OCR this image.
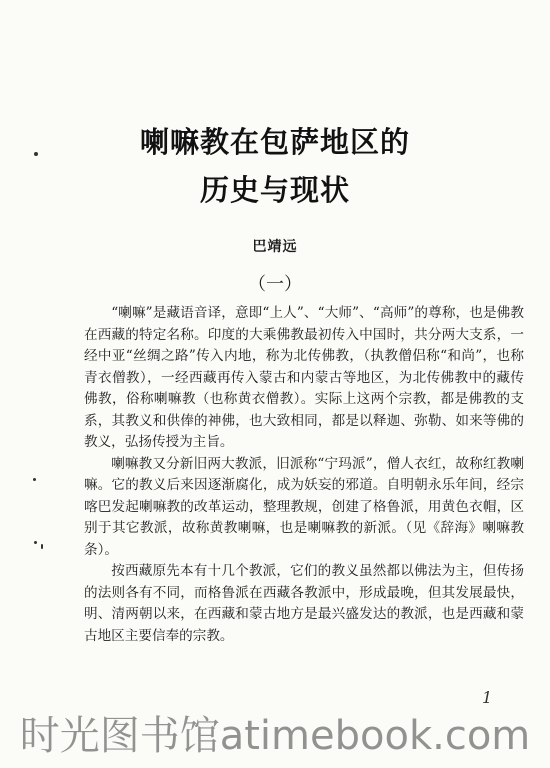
喇嘛教在包萨地区的
历史与现状
巴靖远
（一）

“喇嘛”是藏语音译，意即“上人”、“大师”、“高师”的尊称，也是佛教在西藏的特定名称。印度的大乘佛教最初传入中国时，共分两大支系，一经中亚“丝绸之路”传入内地，称为北传佛教，（执教僧侣称“和尚”，也称青衣僧教），一经西藏再传入蒙古和内蒙古等地区，为北传佛教中的藏传佛教，俗称喇嘛教（也称黄衣僧教）。实际上这两个宗教，都是佛教的支系，其教义和供俸的神佛，也大致相同，都是以释迦、弥勒、如来等佛的教义，弘扬传授为主旨。

喇嘛教又分新旧两大教派，旧派称“宁玛派”，僧人衣红，故称红教喇嘛。它的教义后来因逐渐腐化，成为妖妄的邪道。自明朝永乐年间，经宗喀巴发起喇嘛教的改革运动，整理教规，创建了格鲁派，用黄色衣帽，区别于其它教派，故称黄教喇嘛，也是喇嘛教的新派。（见《辞海》喇嘛教条）。

按西藏原先本有十几个教派，它们的教义虽然都以佛法为主，但传扬的法则各有不同，而格鲁派在西藏各教派中，形成最晚，但其发展最快，明、清两朝以来，在西藏和蒙古地方是最兴盛发达的教派，也是西藏和蒙古地区主要信奉的宗教。

1
时光图书馆atimebook.com
